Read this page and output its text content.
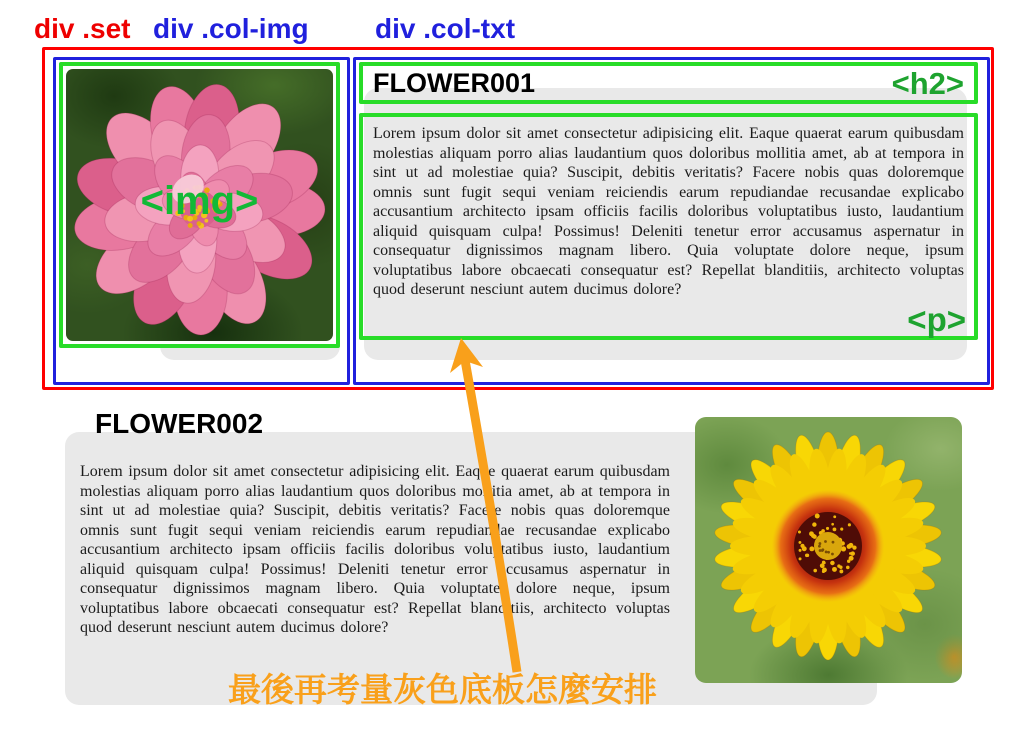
div .set div .col-img div .col-txt
<img>
FLOWER001	<h2>
Lorem ipsum dolor sit amet consectetur adipisicing elit. Eaque quaerat earum quibusdam molestias aliquam porro alias laudantium quos doloribus mollitia amet, ab at tempora in sint ut ad molestiae quia? Suscipit, debitis veritatis? Facere nobis quas doloremque omnis sunt fugit sequi veniam reiciendis earum repudiandae recusandae explicabo accusantium architecto ipsam officiis facilis doloribus voluptatibus iusto, laudantium aliquid quisquam culpa! Possimus! Deleniti tenetur error accusamus aspernatur in consequatur dignissimos magnam libero. Quia voluptate dolore neque, ipsum voluptatibus labore obcaecati consequatur est? Repellat blanditiis, architecto voluptas quod deserunt nesciunt autem ducimus dolore?
<p>
FLOWER002
Lorem ipsum dolor sit amet consectetur adipisicing elit. Eaque quaerat earum quibusdam molestias aliquam porro alias laudantium quos doloribus mollitia amet, ab at tempora in sint ut ad molestiae quia? Suscipit, debitis veritatis? Facere nobis quas doloremque omnis sunt fugit sequi veniam reiciendis earum repudiandae recusandae explicabo accusantium architecto ipsam officiis facilis doloribus voluptatibus iusto, laudantium aliquid quisquam culpa! Possimus! Deleniti tenetur error accusamus aspernatur in consequatur dignissimos magnam libero. Quia voluptate dolore neque, ipsum voluptatibus labore obcaecati consequatur est? Repellat blanditiis, architecto voluptas quod deserunt nesciunt autem ducimus dolore?
最後再考量灰色底板怎麼安排
